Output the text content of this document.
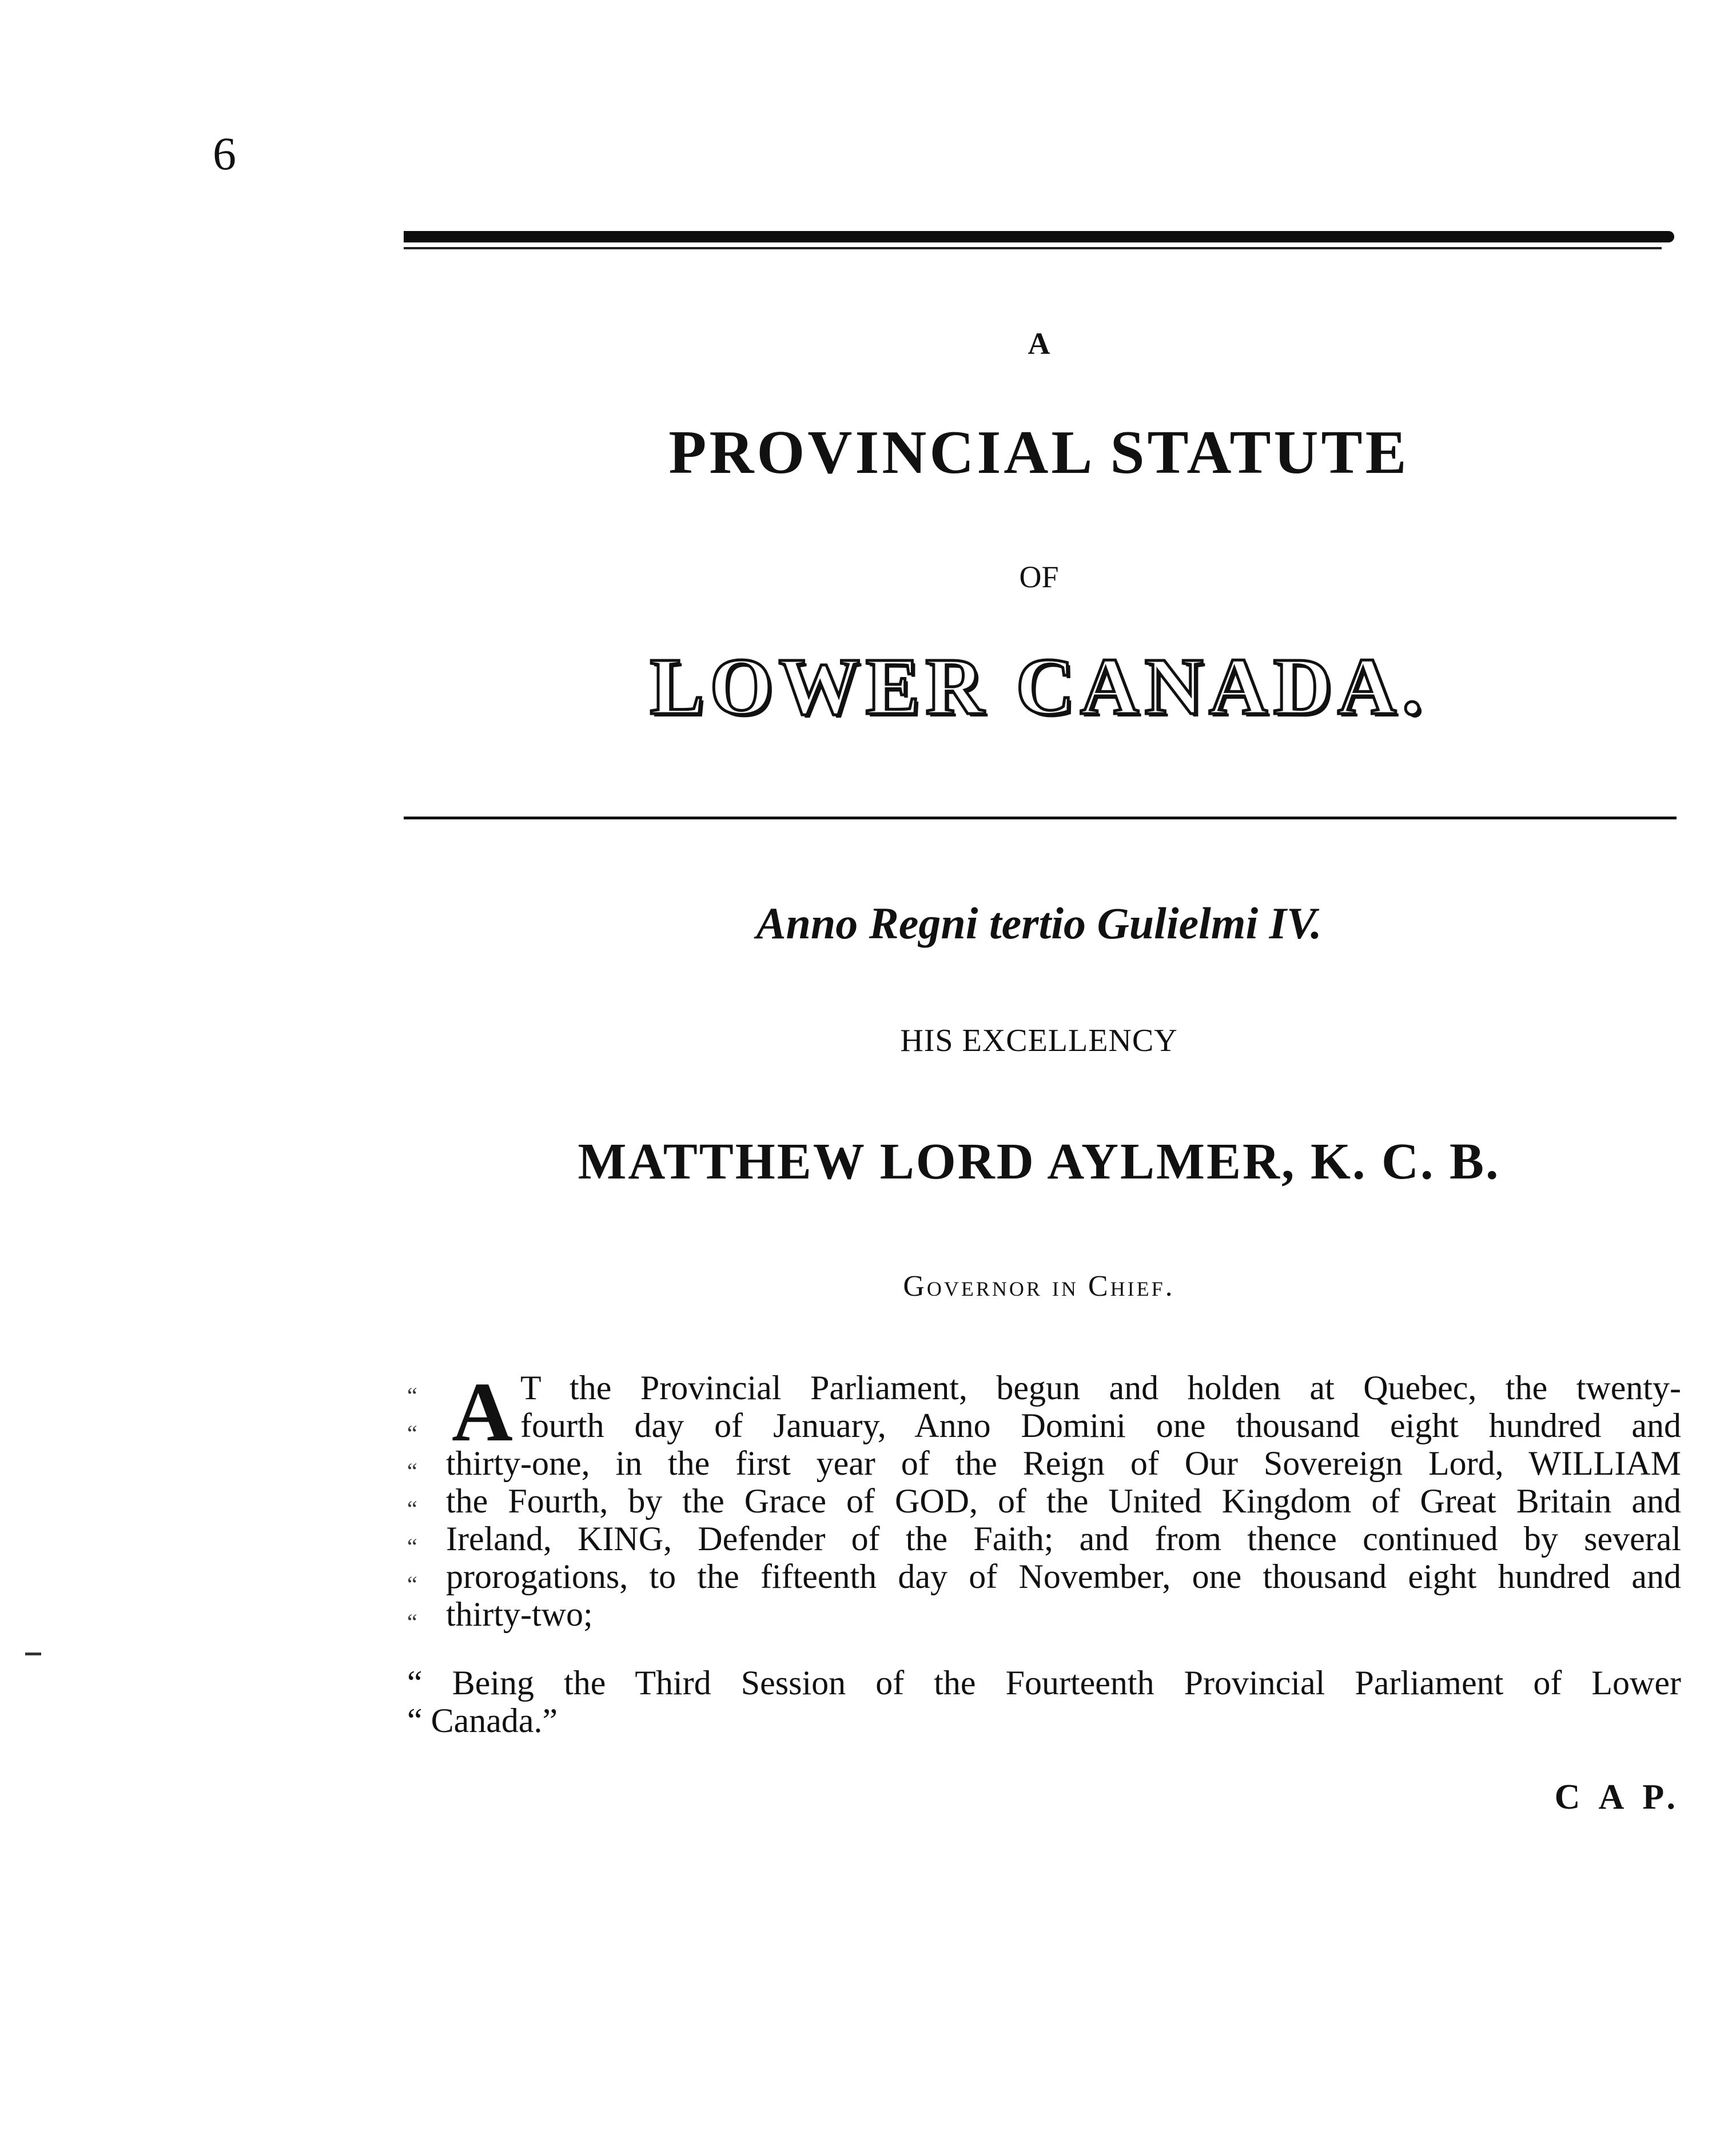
6
A
PROVINCIAL STATUTE
OF
LOWER CANADA.
Anno Regni tertio Gulielmi IV.
HIS EXCELLENCY
MATTHEW LORD AYLMER, K. C. B.
Governor in Chief.
“
“
“
“
“
“
“
A T the Provincial Parliament, begun and holden at Quebec, the twenty-
fourth day of January, Anno Domini one thousand eight hundred and
thirty-one, in the first year of the Reign of Our Sovereign Lord, WILLIAM
the Fourth, by the Grace of GOD, of the United Kingdom of Great Britain and
Ireland, KING, Defender of the Faith; and from thence continued by several
prorogations, to the fifteenth day of November, one thousand eight hundred and
thirty-two;
“ Being the Third Session of the Fourteenth Provincial Parliament of Lower
“ Canada.”
C A P.
